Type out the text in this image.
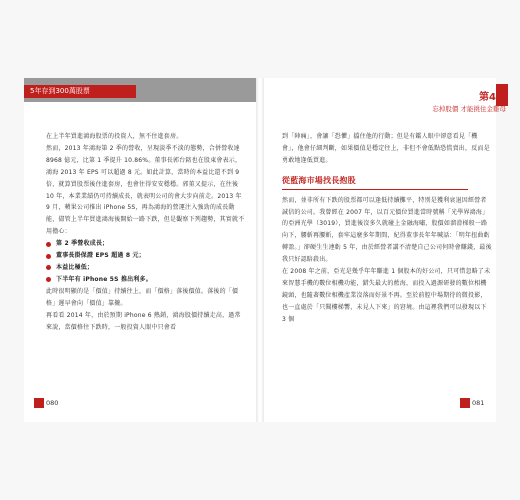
5年存到300萬股票
第4章
忘掉股價 才能挑住金雞母

在上半年買進鴻海股票的投資人，無不住進套房。

然而，2013 年鴻海第 2 季的營收，呈現淡季不淡的態勢，合併營收達 8968 億元，比第 1 季提升 10.86%。董事長郭台銘也在股東會表示，鴻海 2013 年 EPS 可以超過 8 元。如此計算，當時的本益比還不到 9 倍，就算買股票後住進套房，也會住得安安穩穩。郭董又提示，在往後 10 年，本業業績仍可持續成長，就表明公司的會大步向前走。2013 年 9 月，蘋果公司推出 iPhone 5S，再為鴻海的營運注入強勁的成長動能，儘管上半年買進鴻海後開始一路下跌，但是觀察下列趨勢，其實就不用擔心：

第 2 季營收成長；
董事長掛保證 EPS 超過 8 元；
本益比極低；
下半年有 iPhone 5S 推出利多。

此時很明顯的是「價值」持續往上，而「價格」落後價值。落後的「價格」遲早會向「價值」靠攏。

再看看 2014 年，由於預期 iPhone 6 熱銷，鴻海股價持續走高，過常來說，當價格往下跌時，一般投資人眼中只會看

到「陣痛」，會讓「恐懼」擋住他的行動；但是有鑑人眼中卻意看見「機會」，他會仔細判斷，如果價值是穩定往上，非但不會低點恐慌賣出，反而是勇敢地逢低買進。

從藍海市場找長抱股

然而，並非所有下跌的股票都可以逢低持續攤平，特別是獲利衰退因經營者誠信的公司。我曾經在 2007 年，以百元價位買進當時號稱「光學界鴻海」的亞洲光學（3019），買進後沒多久就碰上金融海嘯，股價如溜滑梯般一路向下，腰斬再腰斬，套牢這麼多年期間，紀得董事長年年喊話：「明年扭曲虧轉盈。」卻硬生生連虧 5 年，由於經營者講不清楚自己公司何時會賺錢，最後我只好認賠殺出。

在 2008 年之前，亞光是幾乎年年賺進 1 個股本的好公司，只可惜忽略了未來智慧手機的數位相機功能，錯失最大的藍海，而投入過源研發的數位相機鏡頭，也隨著數位相機產業沒落而好景不再。至於前腔中場期待的微投影，也一直處於「只聞樓梯響，未見人下來」的窘境。由這裡我們可以發現以下 3 個

080	081
